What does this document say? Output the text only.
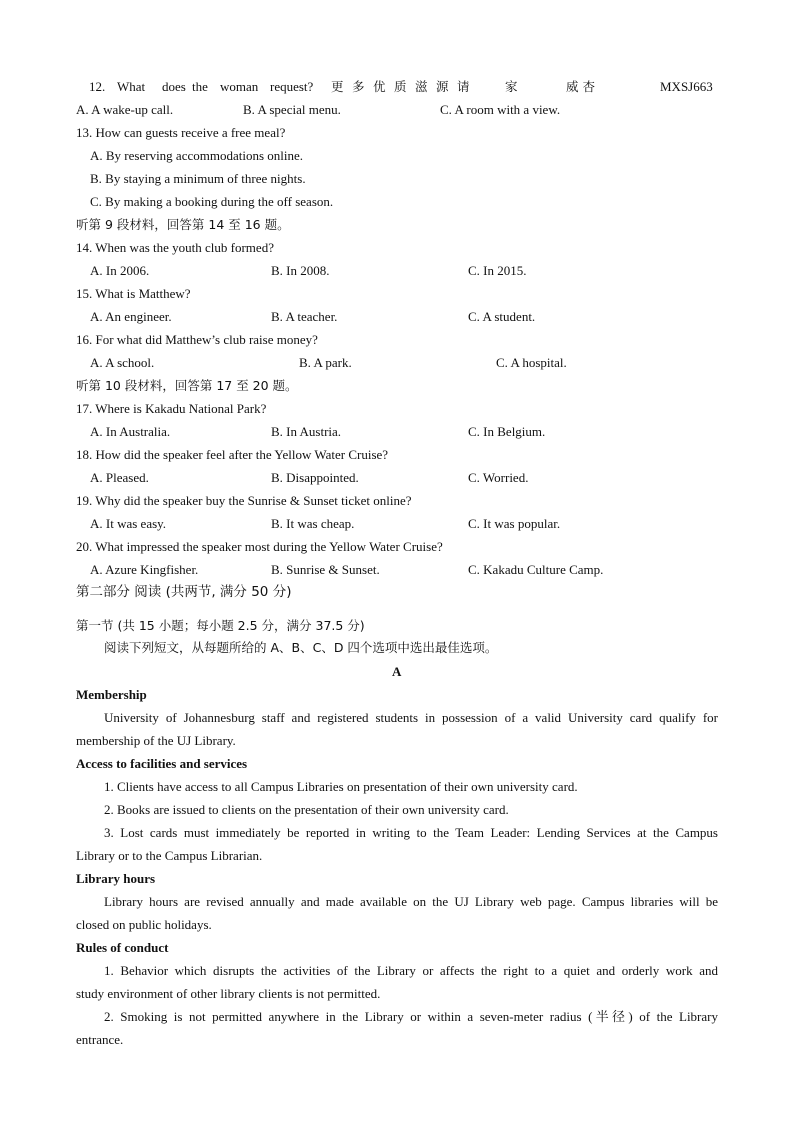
12. What does the woman request? 更 多 优 质 滋 源 请	家	威杏	MXSJ663
A. A wake-up call.	B. A special menu.	C. A room with a view.
13. How can guests receive a free meal?
A. By reserving accommodations online.
B. By staying a minimum of three nights.
C. By making a booking during the off season.
听第 9 段材料，回答第 14 至 16 题。
14. When was the youth club formed?
A. In 2006.	B. In 2008.	C. In 2015.
15. What is Matthew?
A. An engineer.	B. A teacher.	C. A student.
16. For what did Matthew’s club raise money?
A. A school.	B. A park.	C. A hospital.
听第 10 段材料，回答第 17 至 20 题。
17. Where is Kakadu National Park?
A. In Australia.	B. In Austria.	C. In Belgium.
18. How did the speaker feel after the Yellow Water Cruise?
A. Pleased.	B. Disappointed.	C. Worried.
19. Why did the speaker buy the Sunrise & Sunset ticket online?
A. It was easy.	B. It was cheap.	C. It was popular.
20. What impressed the speaker most during the Yellow Water Cruise?
A. Azure Kingfisher.	B. Sunrise & Sunset.	C. Kakadu Culture Camp.
第二部分 阅读 (共两节, 满分 50 分)
第一节 (共 15 小题；每小题 2.5 分，满分 37.5 分)
阅读下列短文，从每题所给的 A、B、C、D 四个选项中选出最佳选项。
A
Membership
University of Johannesburg staff and registered students in possession of a valid University card qualify for
membership of the UJ Library.
Access to facilities and services
1. Clients have access to all Campus Libraries on presentation of their own university card.
2. Books are issued to clients on the presentation of their own university card.
3. Lost cards must immediately be reported in writing to the Team Leader: Lending Services at the Campus
Library or to the Campus Librarian.
Library hours
Library hours are revised annually and made available on the UJ Library web page. Campus libraries will be
closed on public holidays.
Rules of conduct
1. Behavior which disrupts the activities of the Library or affects the right to a quiet and orderly work and
study environment of other library clients is not permitted.
2. Smoking is not permitted anywhere in the Library or within a seven-meter radius (半径) of the Library
entrance.
